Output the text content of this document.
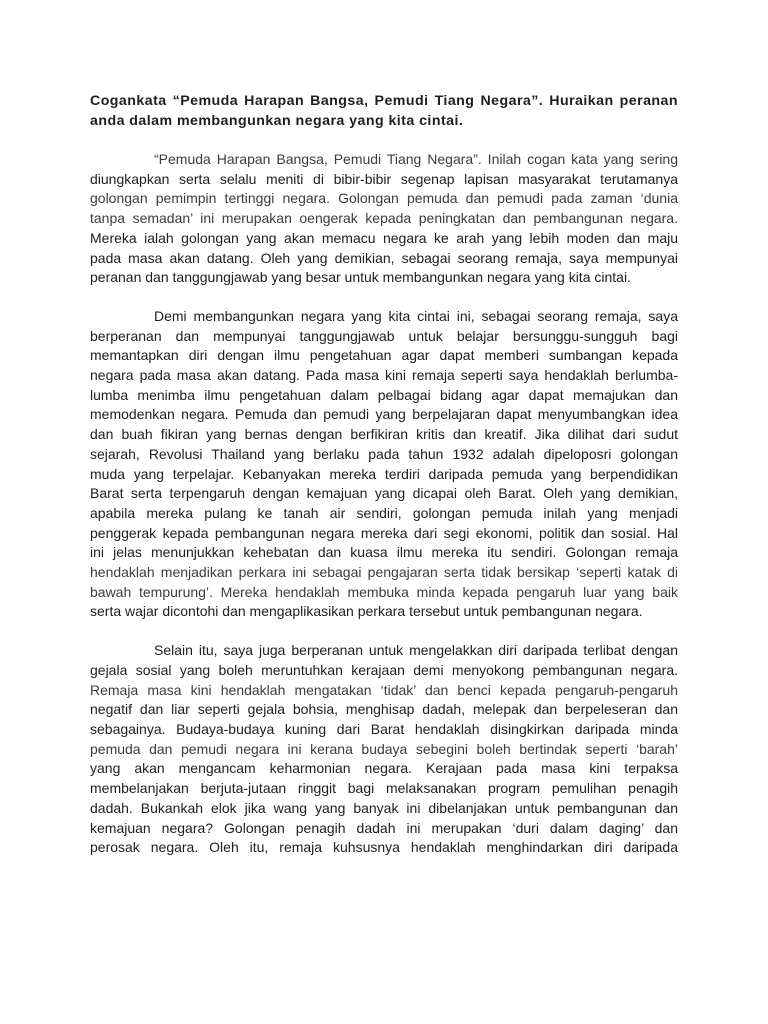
Cogankata “Pemuda Harapan Bangsa, Pemudi Tiang Negara”. Huraikan peranan
anda dalam membangunkan negara yang kita cintai.
“Pemuda Harapan Bangsa, Pemudi Tiang Negara”. Inilah cogan kata yang sering
diungkapkan serta selalu meniti di bibir-bibir segenap lapisan masyarakat terutamanya
golongan pemimpin tertinggi negara. Golongan pemuda dan pemudi pada zaman ‘dunia
tanpa semadan’ ini merupakan oengerak kepada peningkatan dan pembangunan negara.
Mereka ialah golongan yang akan memacu negara ke arah yang lebih moden dan maju
pada masa akan datang. Oleh yang demikian, sebagai seorang remaja, saya mempunyai
peranan dan tanggungjawab yang besar untuk membangunkan negara yang kita cintai.
Demi membangunkan negara yang kita cintai ini, sebagai seorang remaja, saya
berperanan dan mempunyai tanggungjawab untuk belajar bersunggu-sungguh bagi
memantapkan diri dengan ilmu pengetahuan agar dapat memberi sumbangan kepada
negara pada masa akan datang. Pada masa kini remaja seperti saya hendaklah berlumba-
lumba menimba ilmu pengetahuan dalam pelbagai bidang agar dapat memajukan dan
memodenkan negara. Pemuda dan pemudi yang berpelajaran dapat menyumbangkan idea
dan buah fikiran yang bernas dengan berfikiran kritis dan kreatif. Jika dilihat dari sudut
sejarah, Revolusi Thailand yang berlaku pada tahun 1932 adalah dipeloposri golongan
muda yang terpelajar. Kebanyakan mereka terdiri daripada pemuda yang berpendidikan
Barat serta terpengaruh dengan kemajuan yang dicapai oleh Barat. Oleh yang demikian,
apabila mereka pulang ke tanah air sendiri, golongan pemuda inilah yang menjadi
penggerak kepada pembangunan negara mereka dari segi ekonomi, politik dan sosial. Hal
ini jelas menunjukkan kehebatan dan kuasa ilmu mereka itu sendiri. Golongan remaja
hendaklah menjadikan perkara ini sebagai pengajaran serta tidak bersikap ‘seperti katak di
bawah tempurung’. Mereka hendaklah membuka minda kepada pengaruh luar yang baik
serta wajar dicontohi dan mengaplikasikan perkara tersebut untuk pembangunan negara.
Selain itu, saya juga berperanan untuk mengelakkan diri daripada terlibat dengan
gejala sosial yang boleh meruntuhkan kerajaan demi menyokong pembangunan negara.
Remaja masa kini hendaklah mengatakan ‘tidak’ dan benci kepada pengaruh-pengaruh
negatif dan liar seperti gejala bohsia, menghisap dadah, melepak dan berpeleseran dan
sebagainya. Budaya-budaya kuning dari Barat hendaklah disingkirkan daripada minda
pemuda dan pemudi negara ini kerana budaya sebegini boleh bertindak seperti ‘barah’
yang akan mengancam keharmonian negara. Kerajaan pada masa kini terpaksa
membelanjakan berjuta-jutaan ringgit bagi melaksanakan program pemulihan penagih
dadah. Bukankah elok jika wang yang banyak ini dibelanjakan untuk pembangunan dan
kemajuan negara? Golongan penagih dadah ini merupakan ‘duri dalam daging’ dan
perosak negara. Oleh itu, remaja kuhsusnya hendaklah menghindarkan diri daripada
